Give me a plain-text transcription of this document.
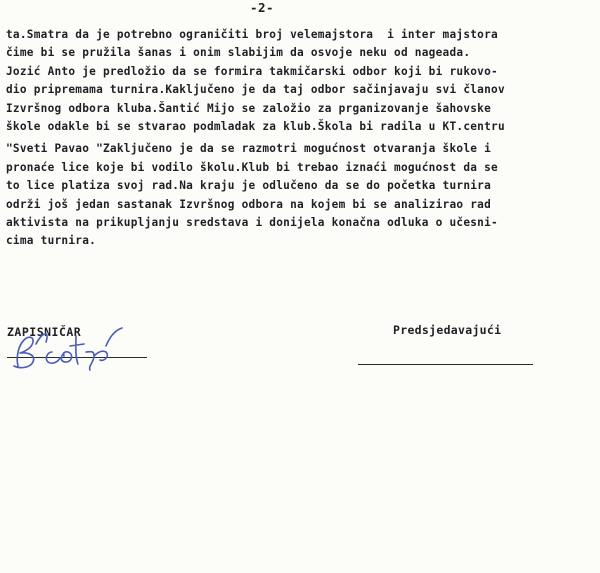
-2-
ta.Smatra da je potrebno ograničiti broj velemajstora  i inter majstora
čime bi se pružila šanas i onim slabijim da osvoje neku od nageada.
Jozić Anto je predložio da se formira takmičarski odbor koji bi rukovo-
dio pripremama turnira.Kaključeno je da taj odbor sačinjavaju svi članov
Izvršnog odbora kluba.Šantić Mijo se založio za prganizovanje šahovske
škole odakle bi se stvarao podmladak za klub.Škola bi radila u KT.centru
"Sveti Pavao "Zaključeno je da se razmotri mogućnost otvaranja škole i
pronaće lice koje bi vodilo školu.Klub bi trebao iznaći mogućnost da se
to lice platiza svoj rad.Na kraju je odlučeno da se do početka turnira
održi još jedan sastanak Izvršnog odbora na kojem bi se analizirao rad
aktivista na prikupljanju sredstava i donijela konačna odluka o učesni-
cima turnira.
ZAPISNIČAR	Predsjedavajući
